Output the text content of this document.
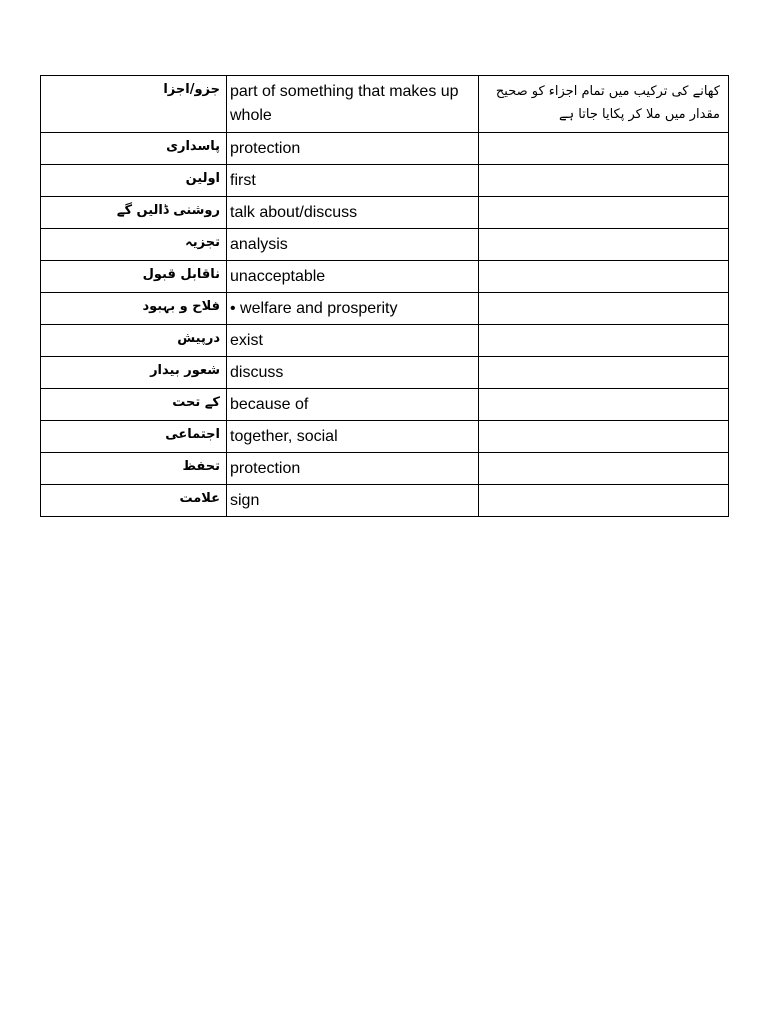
جزو/اجزا	part of something that makes up whole	کھانے کی ترکیب میں تمام اجزاء کو صحیح مقدار میں ملا کر پکایا جاتا ہے
پاسداری	protection	
اولین	first	
روشنی ڈالیں گے	talk about/discuss	
تجزیہ	analysis	
ناقابل قبول	unacceptable	
فلاح و بہبود	• welfare and prosperity	
درپیش	exist	
شعور بیدار	discuss	
کے تحت	because of	
اجتماعی	together, social	
تحفظ	protection	
علامت	sign	
